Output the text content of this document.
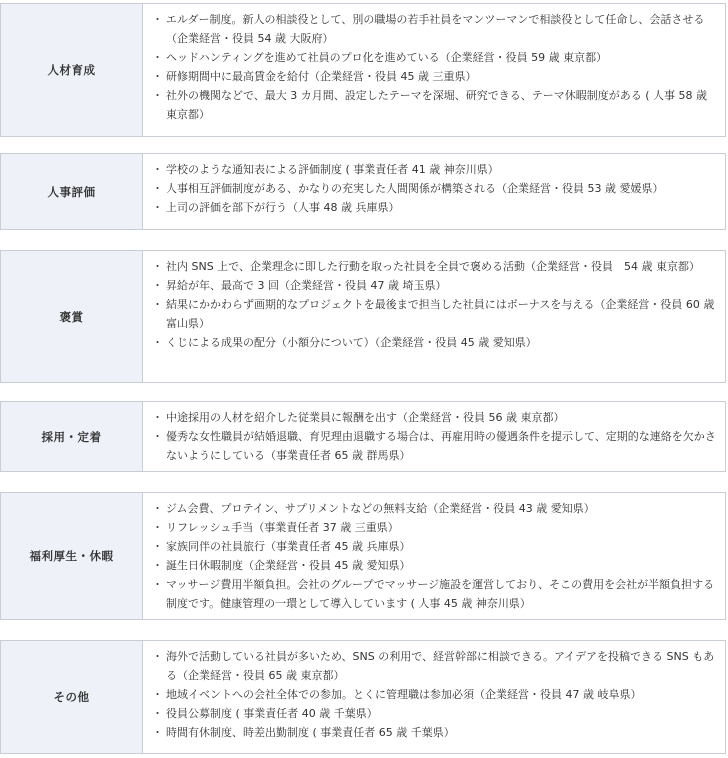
人材育成
・ エルダー制度。新人の相談役として、別の職場の若手社員をマンツーマンで相談役として任命し、会話させる（企業経営・役員 54 歳 大阪府）
・ ヘッドハンティングを進めて社員のプロ化を進めている（企業経営・役員 59 歳 東京都）
・ 研修期間中に最高賃金を給付（企業経営・役員 45 歳 三重県）
・ 社外の機関などで、最大 3 カ月間、設定したテーマを深堀、研究できる、テーマ休暇制度がある ( 人事 58 歳 東京都）
人事評価
・ 学校のような通知表による評価制度 ( 事業責任者 41 歳 神奈川県）
・ 人事相互評価制度がある、かなりの充実した人間関係が構築される（企業経営・役員 53 歳 愛媛県）
・ 上司の評価を部下が行う（人事 48 歳 兵庫県）
褒賞
・ 社内 SNS 上で、企業理念に即した行動を取った社員を全員で褒める活動（企業経営・役員　54 歳 東京都）
・ 昇給が年、最高で 3 回（企業経営・役員 47 歳 埼玉県）
・ 結果にかかわらず画期的なプロジェクトを最後まで担当した社員にはボーナスを与える（企業経営・役員 60 歳 富山県）
・ くじによる成果の配分（小額分について）（企業経営・役員 45 歳 愛知県）
採用・定着
・ 中途採用の人材を紹介した従業員に報酬を出す（企業経営・役員 56 歳 東京都）
・ 優秀な女性職員が結婚退職、育児理由退職する場合は、再雇用時の優遇条件を提示して、定期的な連絡を欠かさないようにしている（事業責任者 65 歳 群馬県）
福利厚生・休暇
・ ジム会費、プロテイン、サプリメントなどの無料支給（企業経営・役員 43 歳 愛知県）
・ リフレッシュ手当（事業責任者 37 歳 三重県）
・ 家族同伴の社員旅行（事業責任者 45 歳 兵庫県）
・ 誕生日休暇制度（企業経営・役員 45 歳 愛知県）
・ マッサージ費用半額負担。会社のグループでマッサージ施設を運営しており、そこの費用を会社が半額負担する制度です。健康管理の一環として導入しています ( 人事 45 歳 神奈川県）
その他
・ 海外で活動している社員が多いため、SNS の利用で、経営幹部に相談できる。アイデアを投稿できる SNS もある（企業経営・役員 65 歳 東京都）
・ 地域イベントへの会社全体での参加。とくに管理職は参加必須（企業経営・役員 47 歳 岐阜県）
・ 役員公募制度 ( 事業責任者 40 歳 千葉県）
・ 時間有休制度、時差出勤制度 ( 事業責任者 65 歳 千葉県）
